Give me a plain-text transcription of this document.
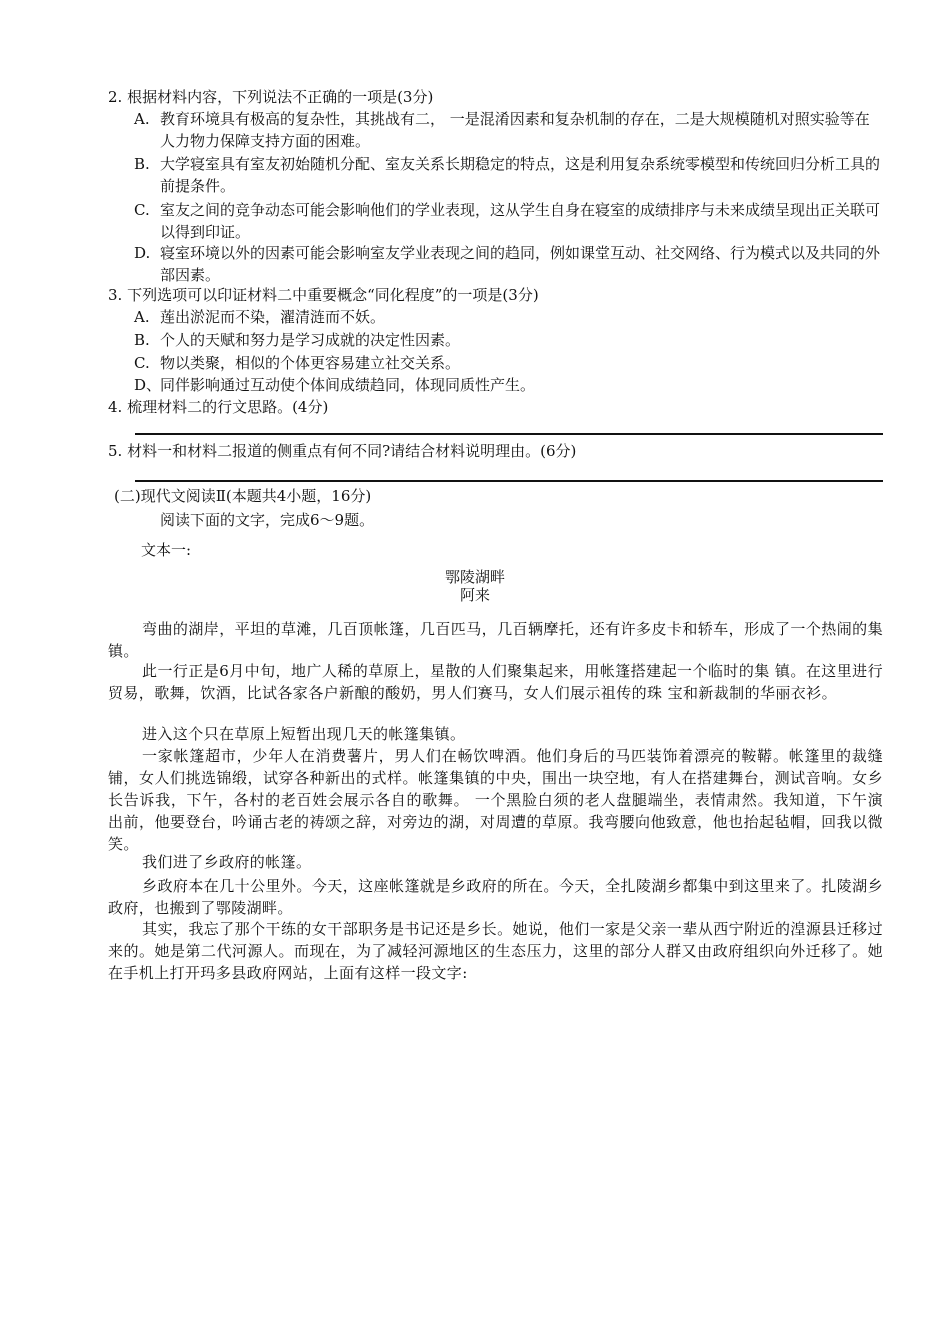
2. 根据材料内容，下列说法不正确的一项是(3分)
A. 教育环境具有极高的复杂性，其挑战有二， 一是混淆因素和复杂机制的存在，二是大规模随机对照实验等在人力物力保障支持方面的困难。
B. 大学寝室具有室友初始随机分配、室友关系长期稳定的特点，这是利用复杂系统零模型和传统回归分析工具的前提条件。
C. 室友之间的竞争动态可能会影响他们的学业表现，这从学生自身在寝室的成绩排序与未来成绩呈现出正关联可以得到印证。
D. 寝室环境以外的因素可能会影响室友学业表现之间的趋同，例如课堂互动、社交网络、行为模式以及共同的外部因素。
3. 下列选项可以印证材料二中重要概念“同化程度”的一项是(3分)
A. 莲出淤泥而不染，濯清涟而不妖。
B. 个人的天赋和努力是学习成就的决定性因素。
C. 物以类聚，相似的个体更容易建立社交关系。
D、
同伴影响通过互动使个体间成绩趋同，体现同质性产生。
4. 梳理材料二的行文思路。(4分)
5. 材料一和材料二报道的侧重点有何不同?请结合材料说明理由。(6分)
(二)现代文阅读Ⅱ(本题共4小题，16分)
阅读下面的文字，完成6～9题。
文本一:
鄂陵湖畔
阿来
弯曲的湖岸，平坦的草滩，几百顶帐篷，几百匹马，几百辆摩托，还有许多皮卡和轿车，形成了一个热闹的集镇。
此一行正是6月中旬，地广人稀的草原上，星散的人们聚集起来，用帐篷搭建起一个临时的集 镇。在这里进行贸易，歌舞，饮酒，比试各家各户新酿的酸奶，男人们赛马，女人们展示祖传的珠 宝和新裁制的华丽衣衫。
进入这个只在草原上短暂出现几天的帐篷集镇。
一家帐篷超市，少年人在消费薯片，男人们在畅饮啤酒。他们身后的马匹装饰着漂亮的鞍鞯。帐篷里的裁缝铺，女人们挑选锦缎，试穿各种新出的式样。帐篷集镇的中央，围出一块空地，有人在搭建舞台，测试音响。女乡长告诉我，下午，各村的老百姓会展示各自的歌舞。 一个黑脸白须的老人盘腿端坐，表情肃然。我知道，下午演出前，他要登台，吟诵古老的祷颂之辞，对旁边的湖，对周遭的草原。我弯腰向他致意，他也抬起毡帽，回我以微笑。
我们进了乡政府的帐篷。
乡政府本在几十公里外。今天，这座帐篷就是乡政府的所在。今天，全扎陵湖乡都集中到这里来了。扎陵湖乡政府，也搬到了鄂陵湖畔。
其实，我忘了那个干练的女干部职务是书记还是乡长。她说，他们一家是父亲一辈从西宁附近的湟源县迁移过来的。她是第二代河源人。而现在，为了减轻河源地区的生态压力，这里的部分人群又由政府组织向外迁移了。她在手机上打开玛多县政府网站，上面有这样一段文字:
